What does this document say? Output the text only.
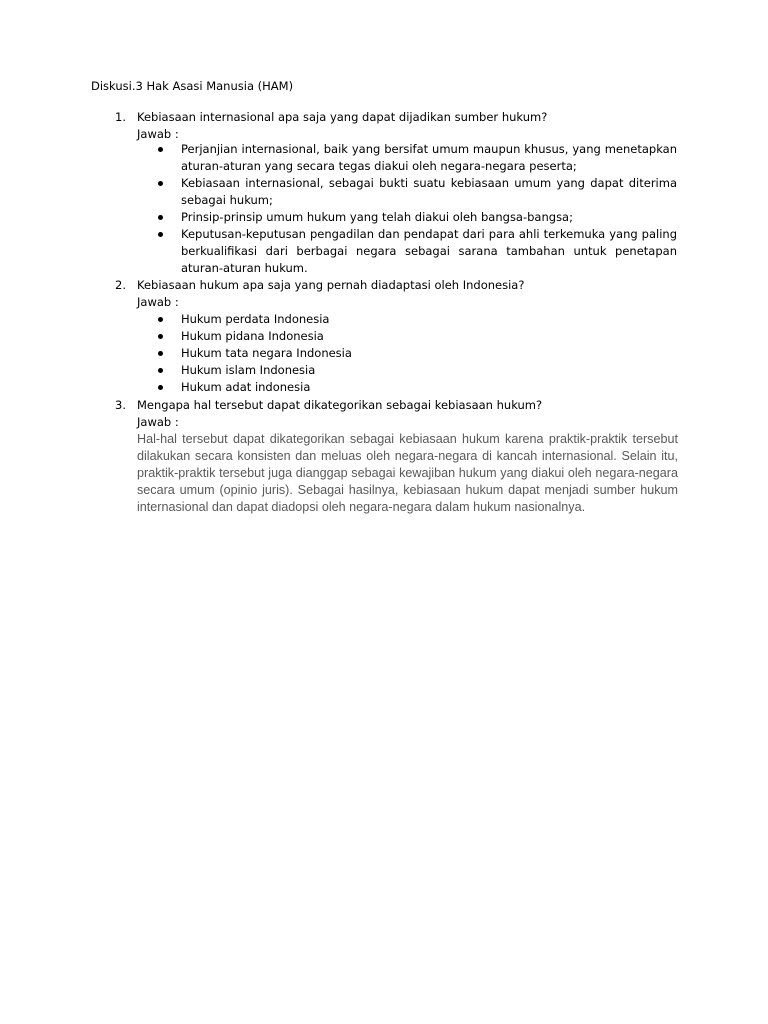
Diskusi.3 Hak Asasi Manusia (HAM)
1. Kebiasaan internasional apa saja yang dapat dijadikan sumber hukum?
Jawab :
Perjanjian internasional, baik yang bersifat umum maupun khusus, yang menetapkan aturan-aturan yang secara tegas diakui oleh negara-negara peserta;
Kebiasaan internasional, sebagai bukti suatu kebiasaan umum yang dapat diterima sebagai hukum;
Prinsip-prinsip umum hukum yang telah diakui oleh bangsa-bangsa;
Keputusan-keputusan pengadilan dan pendapat dari para ahli terkemuka yang paling berkualifikasi dari berbagai negara sebagai sarana tambahan untuk penetapan aturan-aturan hukum.
2. Kebiasaan hukum apa saja yang pernah diadaptasi oleh Indonesia?
Jawab :
Hukum perdata Indonesia
Hukum pidana Indonesia
Hukum tata negara Indonesia
Hukum islam Indonesia
Hukum adat indonesia
3. Mengapa hal tersebut dapat dikategorikan sebagai kebiasaan hukum?
Jawab :

Hal-hal tersebut dapat dikategorikan sebagai kebiasaan hukum karena praktik-praktik tersebut dilakukan secara konsisten dan meluas oleh negara-negara di kancah internasional. Selain itu, praktik-praktik tersebut juga dianggap sebagai kewajiban hukum yang diakui oleh negara-negara secara umum (opinio juris). Sebagai hasilnya, kebiasaan hukum dapat menjadi sumber hukum internasional dan dapat diadopsi oleh negara-negara dalam hukum nasionalnya.
